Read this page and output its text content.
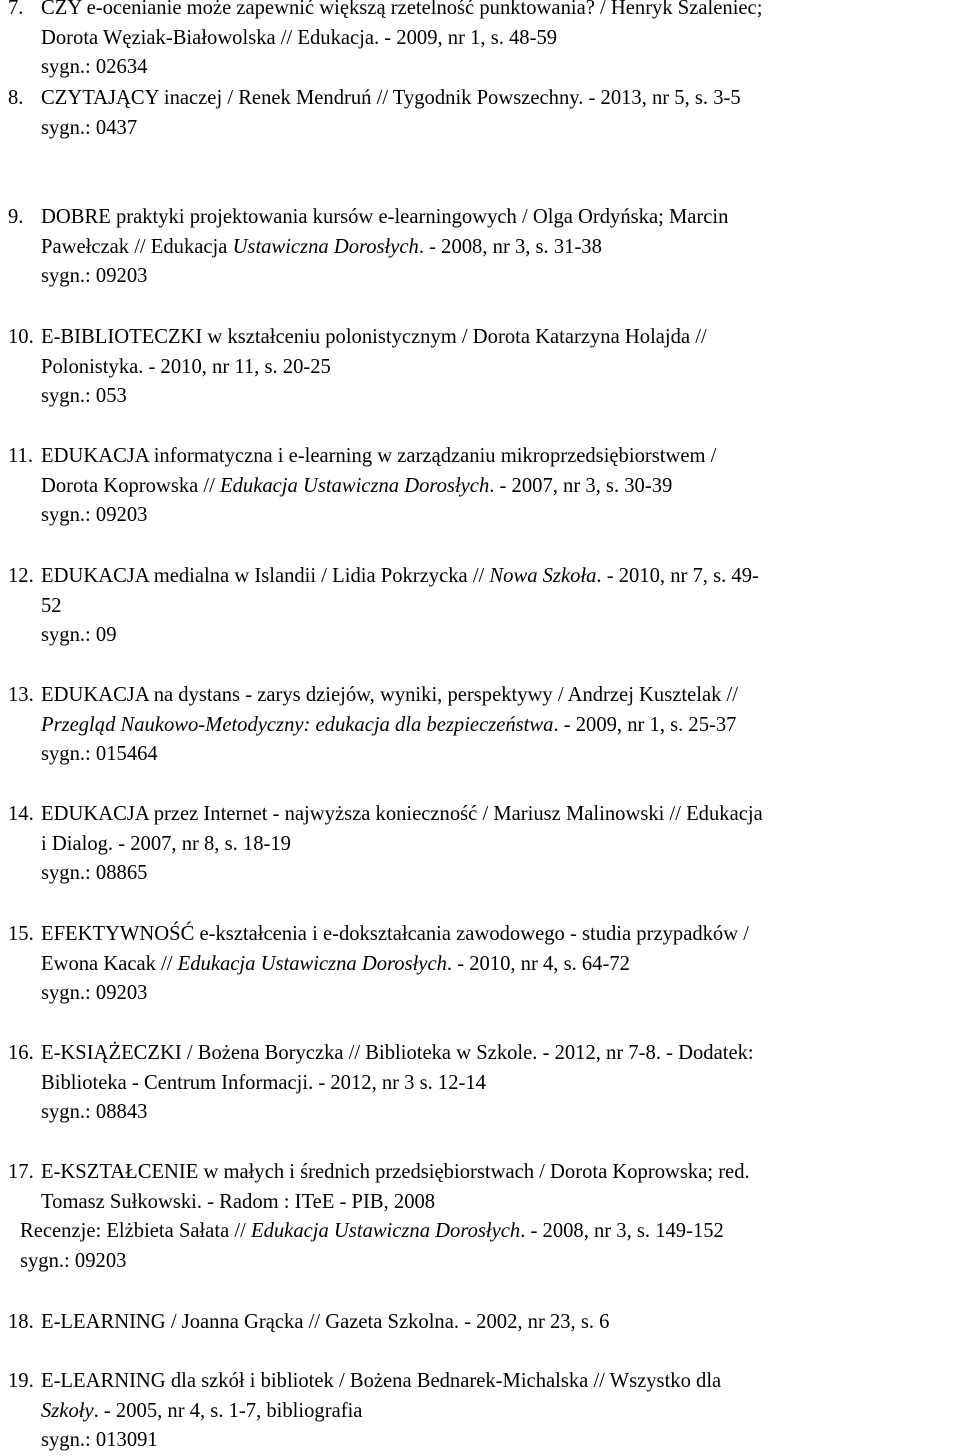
7. CZY e-ocenianie może zapewnić większą rzetelność punktowania? / Henryk Szaleniec;
Dorota Węziak-Białowolska // Edukacja. - 2009, nr 1, s. 48-59
sygn.: 02634
8. CZYTAJĄCY inaczej / Renek Mendruń // Tygodnik Powszechny. - 2013, nr 5, s. 3-5
sygn.: 0437
9. DOBRE praktyki projektowania kursów e-learningowych / Olga Ordyńska; Marcin
Pawełczak // Edukacja Ustawiczna Dorosłych. - 2008, nr 3, s. 31-38
sygn.: 09203
10. E-BIBLIOTECZKI w kształceniu polonistycznym / Dorota Katarzyna Holajda //
Polonistyka. - 2010, nr 11, s. 20-25
sygn.: 053
11. EDUKACJA informatyczna i e-learning w zarządzaniu mikroprzedsiębiorstwem /
Dorota Koprowska // Edukacja Ustawiczna Dorosłych. - 2007, nr 3, s. 30-39
sygn.: 09203
12. EDUKACJA medialna w Islandii / Lidia Pokrzycka // Nowa Szkoła. - 2010, nr 7, s. 49-
52
sygn.: 09
13. EDUKACJA na dystans - zarys dziejów, wyniki, perspektywy / Andrzej Kusztelak //
Przegląd Naukowo-Metodyczny: edukacja dla bezpieczeństwa. - 2009, nr 1, s. 25-37
sygn.: 015464
14. EDUKACJA przez Internet - najwyższa konieczność / Mariusz Malinowski // Edukacja
i Dialog. - 2007, nr 8, s. 18-19
sygn.: 08865
15. EFEKTYWNOŚĆ e-kształcenia i e-dokształcania zawodowego - studia przypadków /
Ewona Kacak // Edukacja Ustawiczna Dorosłych. - 2010, nr 4, s. 64-72
sygn.: 09203
16. E-KSIĄŻECZKI / Bożena Boryczka // Biblioteka w Szkole. - 2012, nr 7-8. - Dodatek:
Biblioteka - Centrum Informacji. - 2012, nr 3 s. 12-14
sygn.: 08843
17. E-KSZTAŁCENIE w małych i średnich przedsiębiorstwach / Dorota Koprowska; red.
Tomasz Sułkowski. - Radom : ITeE - PIB, 2008
Recenzje: Elżbieta Sałata // Edukacja Ustawiczna Dorosłych. - 2008, nr 3, s. 149-152
sygn.: 09203
18. E-LEARNING / Joanna Grącka // Gazeta Szkolna. - 2002, nr 23, s. 6
19. E-LEARNING dla szkół i bibliotek / Bożena Bednarek-Michalska // Wszystko dla
Szkoły. - 2005, nr 4, s. 1-7, bibliografia
sygn.: 013091
